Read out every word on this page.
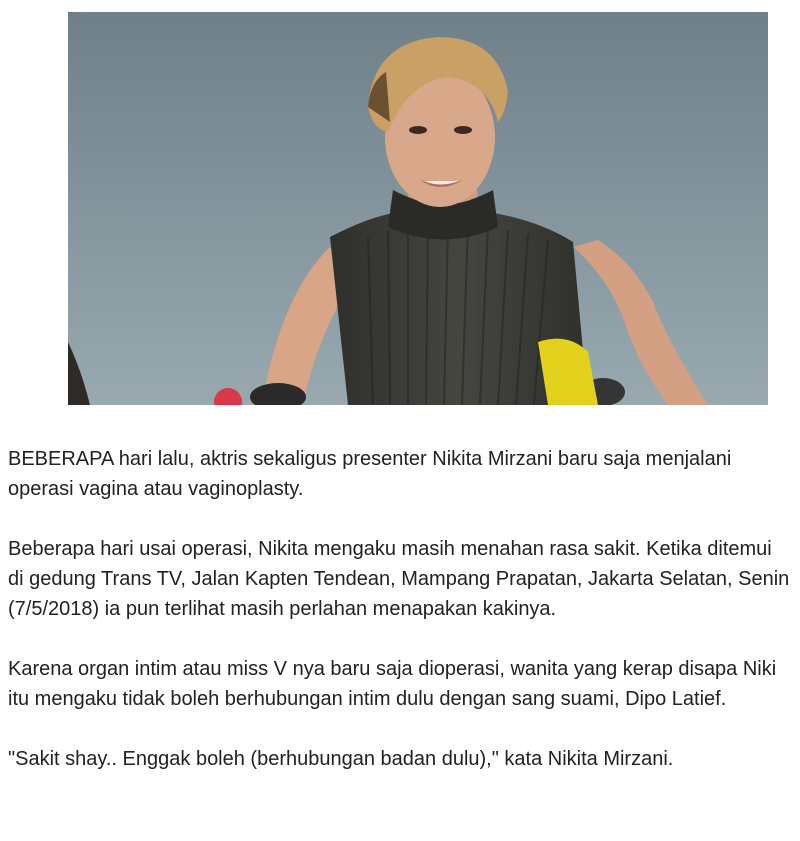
BEBERAPA hari lalu, aktris sekaligus presenter Nikita Mirzani baru saja menjalani operasi vagina atau vaginoplasty.

Beberapa hari usai operasi, Nikita mengaku masih menahan rasa sakit. Ketika ditemui di gedung Trans TV, Jalan Kapten Tendean, Mampang Prapatan, Jakarta Selatan, Senin (7/5/2018) ia pun terlihat masih perlahan menapakan kakinya.

Karena organ intim atau miss V nya baru saja dioperasi, wanita yang kerap disapa Niki itu mengaku tidak boleh berhubungan intim dulu dengan sang suami, Dipo Latief.

"Sakit shay.. Enggak boleh (berhubungan badan dulu)," kata Nikita Mirzani.
